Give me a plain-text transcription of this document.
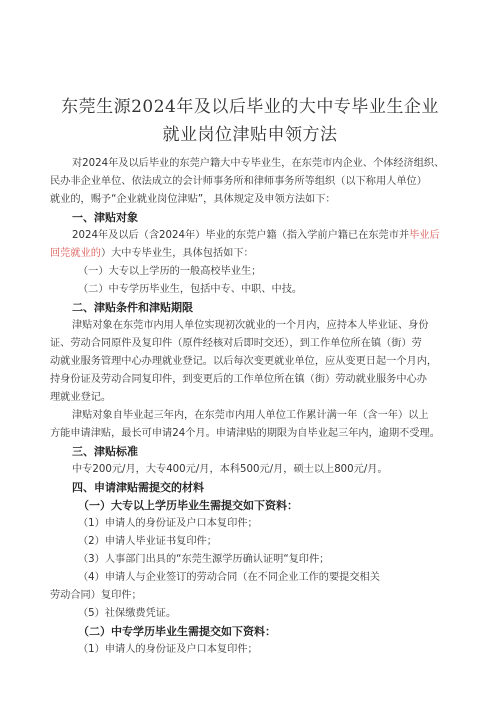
东莞生源2024年及以后毕业的大中专毕业生企业
就业岗位津贴申领方法
对2024年及以后毕业的东莞户籍大中专毕业生，在东莞市内企业、个体经济组织、
民办非企业单位、依法成立的会计师事务所和律师事务所等组织（以下称用人单位）
就业的，赐予“企业就业岗位津贴”，具体规定及申领方法如下：
一、津贴对象
2024年及以后（含2024年）毕业的东莞户籍（指入学前户籍已在东莞市并毕业后
回莞就业的）大中专毕业生，具体包括如下：
（一）大专以上学历的一般高校毕业生；
（二）中专学历毕业生，包括中专、中职、中技。
二、津贴条件和津贴期限
津贴对象在东莞市内用人单位实现初次就业的一个月内，应持本人毕业证、身份
证、劳动合同原件及复印件（原件经核对后即时交还），到工作单位所在镇（街）劳
动就业服务管理中心办理就业登记。以后每次变更就业单位，应从变更日起一个月内，
持身份证及劳动合同复印件，到变更后的工作单位所在镇（街）劳动就业服务中心办
理就业登记。
津贴对象自毕业起三年内，在东莞市内用人单位工作累计满一年（含一年）以上
方能申请津贴，最长可申请24个月。申请津贴的期限为自毕业起三年内，逾期不受理。
三、津贴标准
中专200元/月，大专400元/月，本科500元/月，硕士以上800元/月。
四、申请津贴需提交的材料
（一）大专以上学历毕业生需提交如下资料：
（1）申请人的身份证及户口本复印件；
（2）申请人毕业证书复印件；
（3）人事部门出具的“东莞生源学历确认证明“复印件；
（4）申请人与企业签订的劳动合同（在不同企业工作的要提交相关
劳动合同）复印件；
（5）社保缴费凭证。
（二）中专学历毕业生需提交如下资料：
（1）申请人的身份证及户口本复印件；
